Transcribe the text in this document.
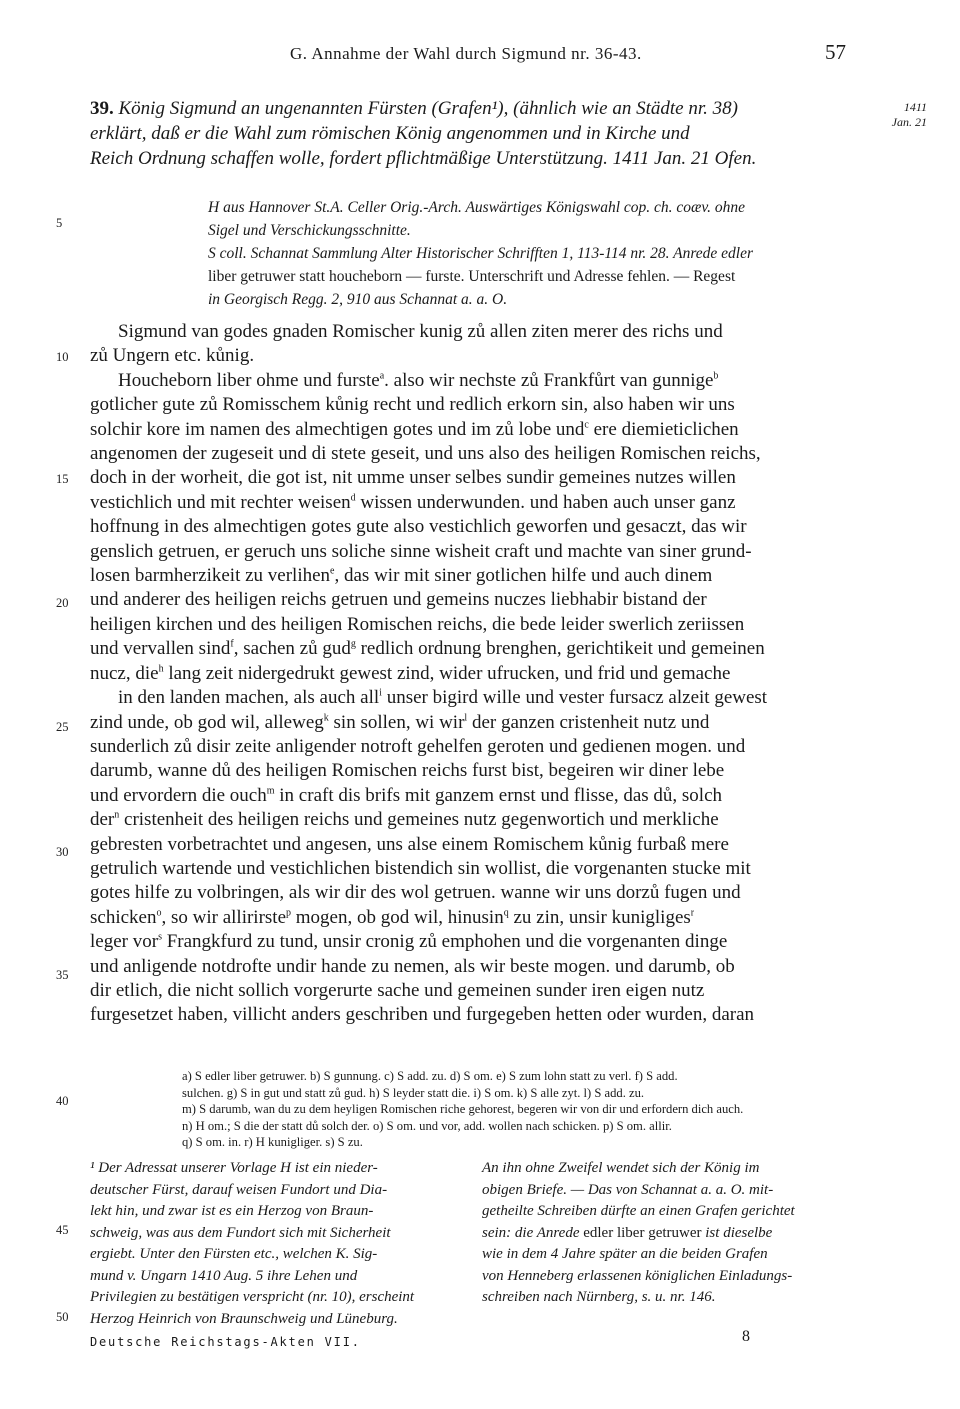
G. Annahme der Wahl durch Sigmund nr. 36-43.	57
39. König Sigmund an ungenannten Fürsten (Grafen¹), (ähnlich wie an Städte nr. 38)
erklärt, daß er die Wahl zum römischen König angenommen und in Kirche und
Reich Ordnung schaffen wolle, fordert pflichtmäßige Unterstützung. 1411 Jan. 21 Ofen.
1411
Jan. 21

H aus Hannover St.A. Celler Orig.-Arch. Auswärtiges Königswahl cop. ch. coæv. ohne

Sigel und Verschickungsschnitte.

S coll. Schannat Sammlung Alter Historischer Schrifften 1, 113-114 nr. 28. Anrede edler

liber getruwer statt houcheborn — furste. Unterschrift und Adresse fehlen. — Regest

in Georgisch Regg. 2, 910 aus Schannat a. a. O.

5
10
15
20
25
30
35
40
45
50

Sigmund van godes gnaden Romischer kunig zů allen ziten merer des richs und

zů Ungern etc. kůnig.

Houcheborn liber ohme und furste$^a$. also wir nechste zů Frankfůrt van gunnige$^b$

gotlicher gute zů Romisschem kůnig recht und redlich erkorn sin, also haben wir uns

solchir kore im namen des almechtigen gotes und im zů lobe und$^c$ ere diemieticlichen

angenomen der zugeseit und di stete geseit, und uns also des heiligen Romischen reichs,

doch in der worheit, die got ist, nit umme unser selbes sundir gemeines nutzes willen

vestichlich und mit rechter weisen$^d$ wissen underwunden. und haben auch unser ganz

hoffnung in des almechtigen gotes gute also vestichlich geworfen und gesaczt, das wir

genslich getruen, er geruch uns soliche sinne wisheit craft und machte van siner grund-

losen barmherzikeit zu verlihen$^e$, das wir mit siner gotlichen hilfe und auch dinem

und anderer des heiligen reichs getruen und gemeins nuczes liebhabir bistand der

heiligen kirchen und des heiligen Romischen reichs, die bede leider swerlich zeriissen

und vervallen sind$^f$, sachen zů gud$^g$ redlich ordnung brenghen, gerichtikeit und gemeinen

nucz, die$^h$ lang zeit nidergedrukt gewest zind, wider ufrucken, und frid und gemache

in den landen machen, als auch all$^i$ unser bigird wille und vester fursacz alzeit gewest

zind unde, ob god wil, alleweg$^k$ sin sollen, wi wir$^l$ der ganzen cristenheit nutz und

sunderlich zů disir zeite anligender notroft gehelfen geroten und gedienen mogen. und

darumb, wanne dů des heiligen Romischen reichs furst bist, begeiren wir diner lebe

und ervordern die ouch$^m$ in craft dis brifs mit ganzem ernst und flisse, das dů, solch

der$^n$ cristenheit des heiligen reichs und gemeines nutz gegenwortich und merkliche

gebresten vorbetrachtet und angesen, uns alse einem Romischem kůnig furbaß mere

getrulich wartende und vestichlichen bistendich sin wollist, die vorgenanten stucke mit

gotes hilfe zu volbringen, als wir dir des wol getruen. wanne wir uns dorzů fugen und

schicken$^o$, so wir allirirste$^p$ mogen, ob god wil, hinusin$^q$ zu zin, unsir kunigliges$^r$

leger vor$^s$ Frangkfurd zu tund, unsir cronig zů emphohen und die vorgenanten dinge

und anligende notdrofte undir hande zu nemen, als wir beste mogen. und darumb, ob

dir etlich, die nicht sollich vorgerurte sache und gemeinen sunder iren eigen nutz

furgesetzet haben, villicht anders geschriben und furgegeben hetten oder wurden, daran

a) S edler liber getruwer. b) S gunnung. c) S add. zu. d) S om. e) S zum lohn statt zu verl. f) S add.

sulchen. g) S in gut und statt zů gud. h) S leyder statt die. i) S om. k) S alle zyt. l) S add. zu.

m) S darumb, wan du zu dem heyligen Romischen riche gehorest, begeren wir von dir und erfordern dich auch.

n) H om.; S die der statt dů solch der. o) S om. und vor, add. wollen nach schicken. p) S om. allir.

q) S om. in. r) H kunigliger. s) S zu.

¹ Der Adressat unserer Vorlage H ist ein nieder-

deutscher Fürst, darauf weisen Fundort und Dia-

lekt hin, und zwar ist es ein Herzog von Braun-

schweig, was aus dem Fundort sich mit Sicherheit

ergiebt. Unter den Fürsten etc., welchen K. Sig-

mund v. Ungarn 1410 Aug. 5 ihre Lehen und

Privilegien zu bestätigen verspricht (nr. 10), erscheint

Herzog Heinrich von Braunschweig und Lüneburg.

An ihn ohne Zweifel wendet sich der König im

obigen Briefe. — Das von Schannat a. a. O. mit-

getheilte Schreiben dürfte an einen Grafen gerichtet

sein: die Anrede edler liber getruwer ist dieselbe

wie in dem 4 Jahre später an die beiden Grafen

von Henneberg erlassenen königlichen Einladungs-

schreiben nach Nürnberg, s. u. nr. 146.

Deutsche Reichstags-Akten VII.	8
